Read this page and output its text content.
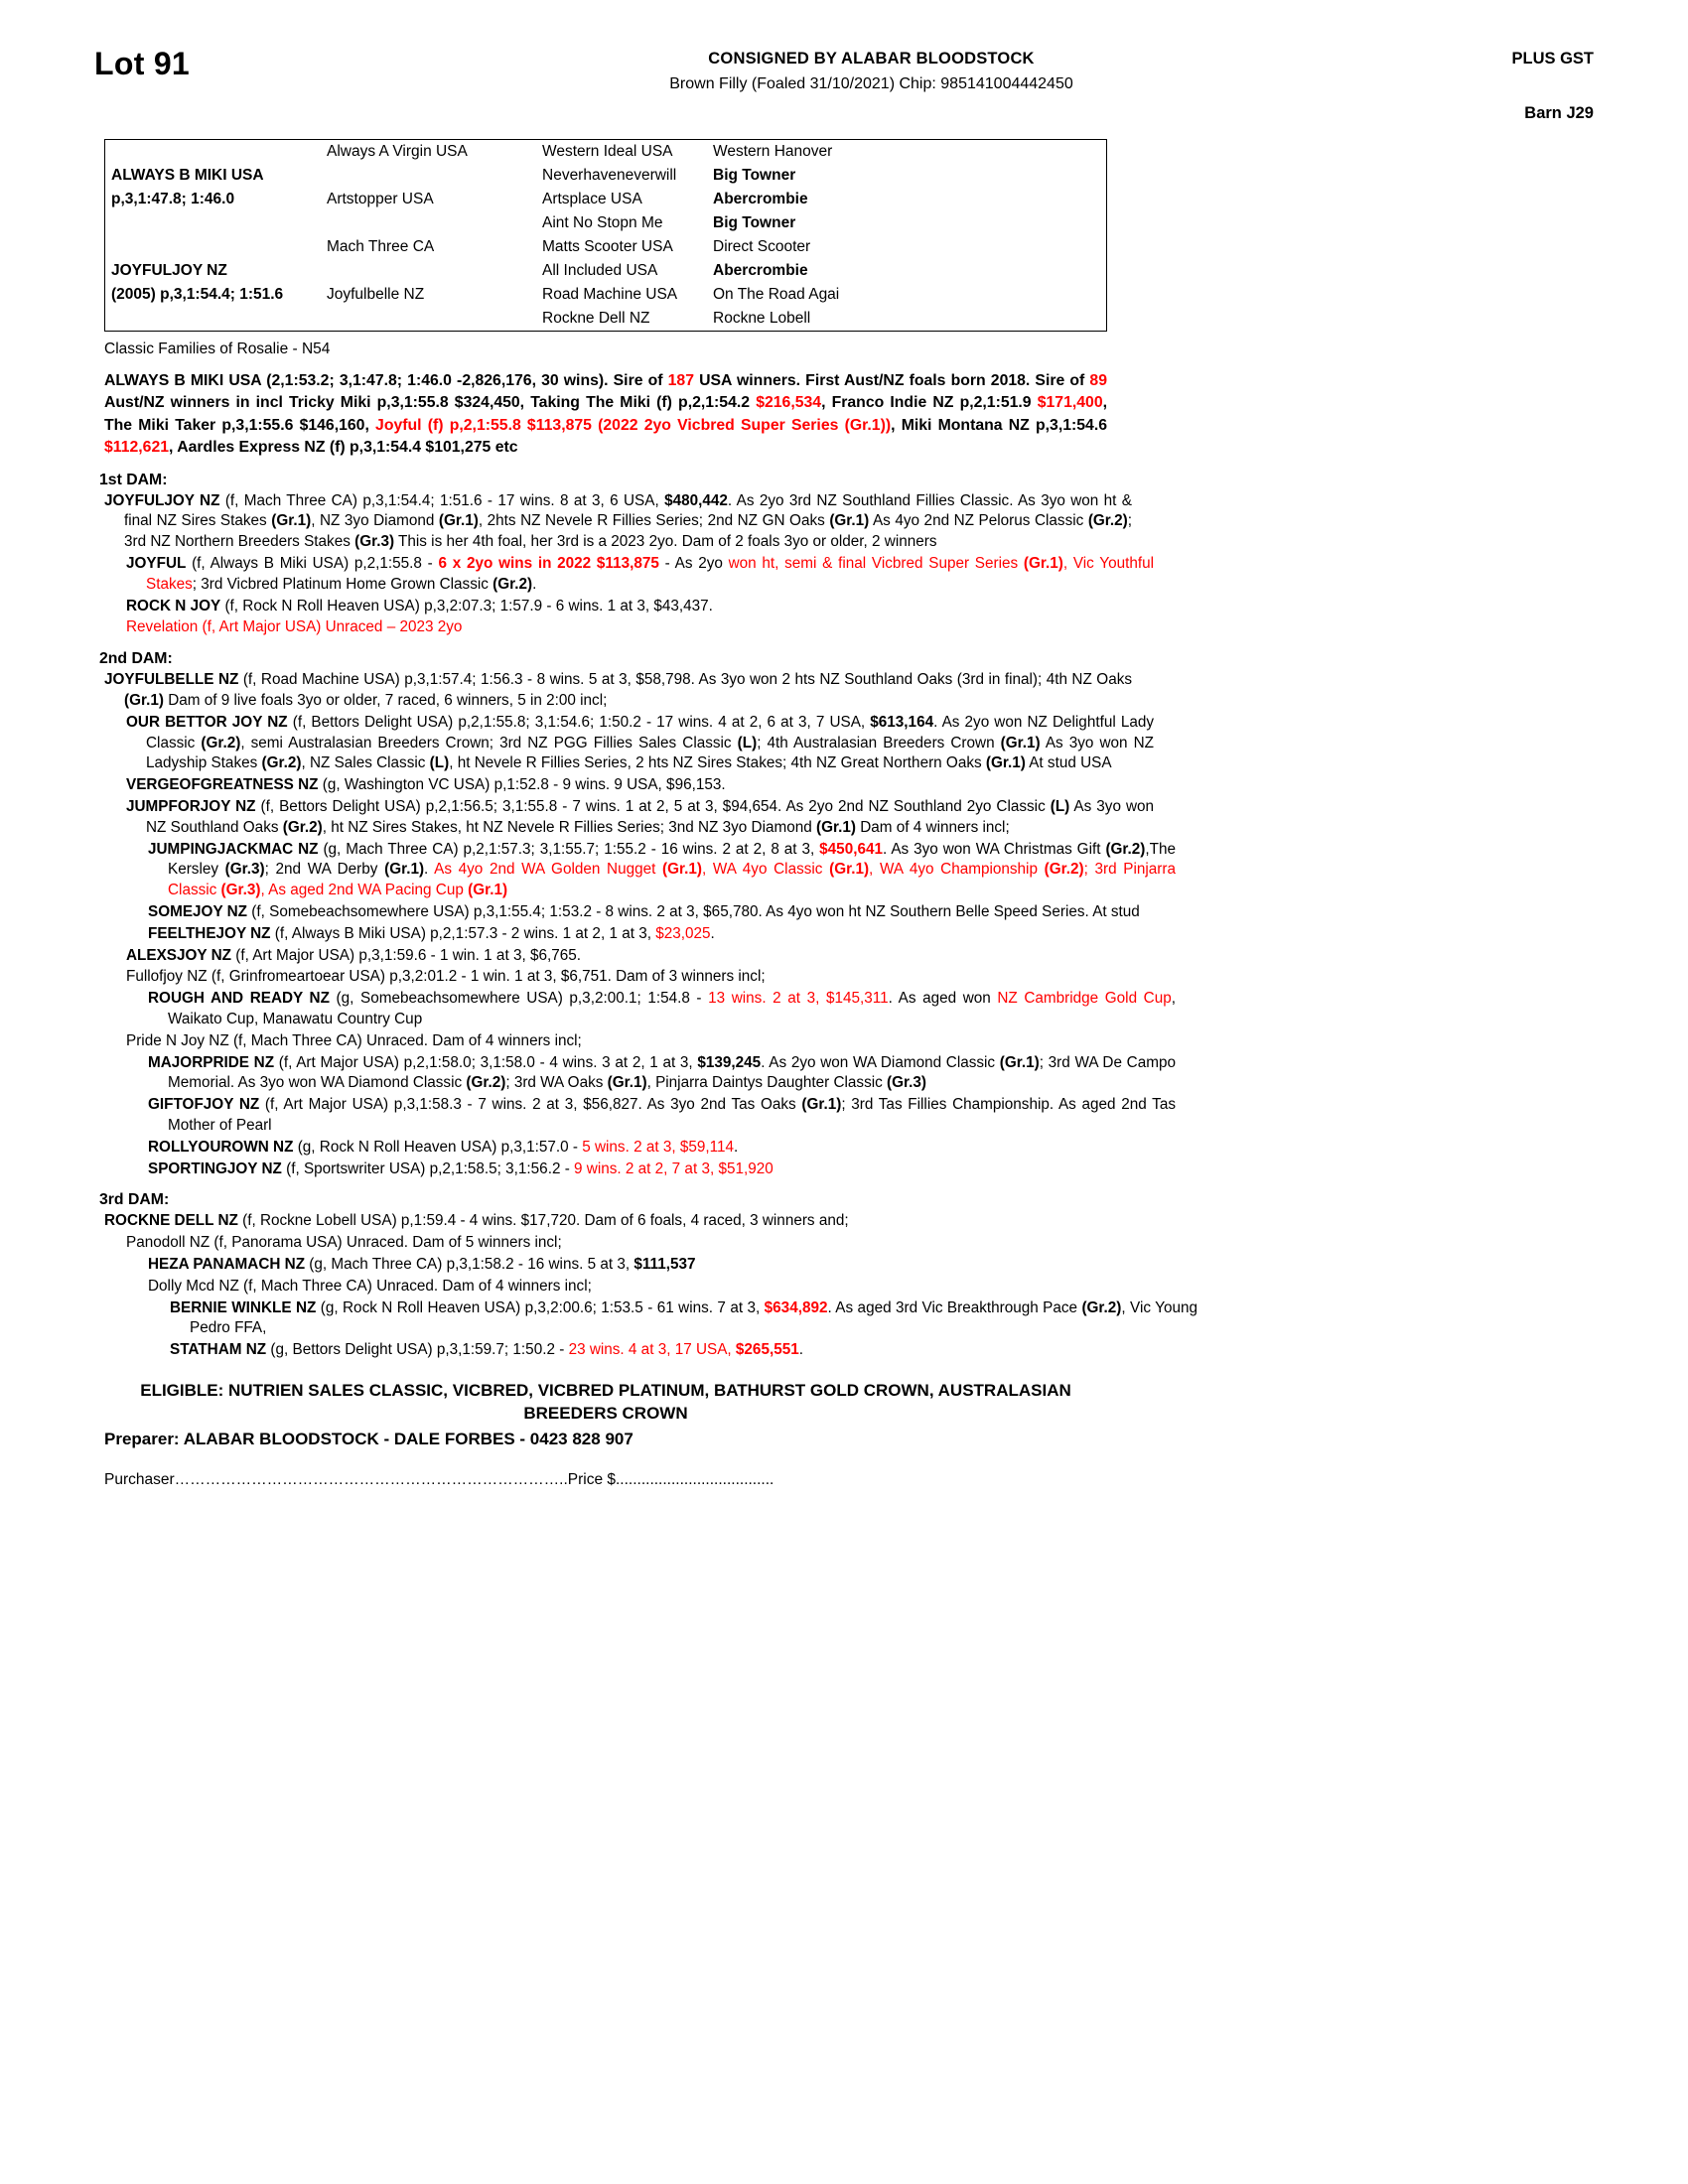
Lot 91	CONSIGNED BY ALABAR BLOODSTOCK
Brown Filly (Foaled 31/10/2021) Chip: 985141004442450
PLUS GST
Barn J29
	Always A Virgin USA	Western Ideal USA	Western Hanover
ALWAYS B MIKI USA		Neverhaveneverwill	Big Towner
p,3,1:47.8; 1:46.0	Artstopper USA	Artsplace USA	Abercrombie
		Aint No Stopn Me	Big Towner
	Mach Three CA	Matts Scooter USA	Direct Scooter
JOYFULJOY NZ		All Included USA	Abercrombie
(2005) p,3,1:54.4; 1:51.6	Joyfulbelle NZ	Road Machine USA	On The Road Agai
		Rockne Dell NZ	Rockne Lobell
Classic Families of Rosalie - N54
ALWAYS B MIKI USA (2,1:53.2; 3,1:47.8; 1:46.0 -2,826,176, 30 wins). Sire of 187 USA winners. First Aust/NZ foals born 2018. Sire of 89 Aust/NZ winners in incl Tricky Miki p,3,1:55.8 $324,450, Taking The Miki (f) p,2,1:54.2 $216,534, Franco Indie NZ p,2,1:51.9 $171,400, The Miki Taker p,3,1:55.6 $146,160, Joyful (f) p,2,1:55.8 $113,875 (2022 2yo Vicbred Super Series (Gr.1)), Miki Montana NZ p,3,1:54.6 $112,621, Aardles Express NZ (f) p,3,1:54.4 $101,275 etc
1st DAM:
JOYFULJOY NZ (f, Mach Three CA) p,3,1:54.4; 1:51.6 - 17 wins. 8 at 3, 6 USA, $480,442. As 2yo 3rd NZ Southland Fillies Classic. As 3yo won ht & final NZ Sires Stakes (Gr.1), NZ 3yo Diamond (Gr.1), 2hts NZ Nevele R Fillies Series; 2nd NZ GN Oaks (Gr.1) As 4yo 2nd NZ Pelorus Classic (Gr.2); 3rd NZ Northern Breeders Stakes (Gr.3) This is her 4th foal, her 3rd is a 2023 2yo. Dam of 2 foals 3yo or older, 2 winners
JOYFUL (f, Always B Miki USA) p,2,1:55.8 - 6 x 2yo wins in 2022 $113,875 - As 2yo won ht, semi & final Vicbred Super Series (Gr.1), Vic Youthful Stakes; 3rd Vicbred Platinum Home Grown Classic (Gr.2).
ROCK N JOY (f, Rock N Roll Heaven USA) p,3,2:07.3; 1:57.9 - 6 wins. 1 at 3, $43,437.
Revelation (f, Art Major USA) Unraced – 2023 2yo
2nd DAM:
JOYFULBELLE NZ (f, Road Machine USA) p,3,1:57.4; 1:56.3 - 8 wins. 5 at 3, $58,798. As 3yo won 2 hts NZ Southland Oaks (3rd in final); 4th NZ Oaks (Gr.1) Dam of 9 live foals 3yo or older, 7 raced, 6 winners, 5 in 2:00 incl;
OUR BETTOR JOY NZ (f, Bettors Delight USA) p,2,1:55.8; 3,1:54.6; 1:50.2 - 17 wins. 4 at 2, 6 at 3, 7 USA, $613,164. As 2yo won NZ Delightful Lady Classic (Gr.2), semi Australasian Breeders Crown; 3rd NZ PGG Fillies Sales Classic (L); 4th Australasian Breeders Crown (Gr.1) As 3yo won NZ Ladyship Stakes (Gr.2), NZ Sales Classic (L), ht Nevele R Fillies Series, 2 hts NZ Sires Stakes; 4th NZ Great Northern Oaks (Gr.1) At stud USA
VERGEOFGREATNESS NZ (g, Washington VC USA) p,1:52.8 - 9 wins. 9 USA, $96,153.
JUMPFORJOY NZ (f, Bettors Delight USA) p,2,1:56.5; 3,1:55.8 - 7 wins. 1 at 2, 5 at 3, $94,654. As 2yo 2nd NZ Southland 2yo Classic (L) As 3yo won NZ Southland Oaks (Gr.2), ht NZ Sires Stakes, ht NZ Nevele R Fillies Series; 3nd NZ 3yo Diamond (Gr.1) Dam of 4 winners incl;
JUMPINGJACKMAC NZ (g, Mach Three CA) p,2,1:57.3; 3,1:55.7; 1:55.2 - 16 wins. 2 at 2, 8 at 3, $450,641. As 3yo won WA Christmas Gift (Gr.2),The Kersley (Gr.3); 2nd WA Derby (Gr.1). As 4yo 2nd WA Golden Nugget (Gr.1), WA 4yo Classic (Gr.1), WA 4yo Championship (Gr.2); 3rd Pinjarra Classic (Gr.3), As aged 2nd WA Pacing Cup (Gr.1)
SOMEJOY NZ (f, Somebeachsomewhere USA) p,3,1:55.4; 1:53.2 - 8 wins. 2 at 3, $65,780. As 4yo won ht NZ Southern Belle Speed Series. At stud
FEELTHEJOY NZ (f, Always B Miki USA) p,2,1:57.3 - 2 wins. 1 at 2, 1 at 3, $23,025.
ALEXSJOY NZ (f, Art Major USA) p,3,1:59.6 - 1 win. 1 at 3, $6,765.
Fullofjoy NZ (f, Grinfromeartoear USA) p,3,2:01.2 - 1 win. 1 at 3, $6,751. Dam of 3 winners incl;
ROUGH AND READY NZ (g, Somebeachsomewhere USA) p,3,2:00.1; 1:54.8 - 13 wins. 2 at 3, $145,311. As aged won NZ Cambridge Gold Cup, Waikato Cup, Manawatu Country Cup
Pride N Joy NZ (f, Mach Three CA) Unraced. Dam of 4 winners incl;
MAJORPRIDE NZ (f, Art Major USA) p,2,1:58.0; 3,1:58.0 - 4 wins. 3 at 2, 1 at 3, $139,245. As 2yo won WA Diamond Classic (Gr.1); 3rd WA De Campo Memorial. As 3yo won WA Diamond Classic (Gr.2); 3rd WA Oaks (Gr.1), Pinjarra Daintys Daughter Classic (Gr.3)
GIFTOFJOY NZ (f, Art Major USA) p,3,1:58.3 - 7 wins. 2 at 3, $56,827. As 3yo 2nd Tas Oaks (Gr.1); 3rd Tas Fillies Championship. As aged 2nd Tas Mother of Pearl
ROLLYOUROWN NZ (g, Rock N Roll Heaven USA) p,3,1:57.0 - 5 wins. 2 at 3, $59,114.
SPORTINGJOY NZ (f, Sportswriter USA) p,2,1:58.5; 3,1:56.2 - 9 wins. 2 at 2, 7 at 3, $51,920
3rd DAM:
ROCKNE DELL NZ (f, Rockne Lobell USA) p,1:59.4 - 4 wins. $17,720. Dam of 6 foals, 4 raced, 3 winners and;
Panodoll NZ (f, Panorama USA) Unraced. Dam of 5 winners incl;
HEZA PANAMACH NZ (g, Mach Three CA) p,3,1:58.2 - 16 wins. 5 at 3, $111,537
Dolly Mcd NZ (f, Mach Three CA) Unraced. Dam of 4 winners incl;
BERNIE WINKLE NZ (g, Rock N Roll Heaven USA) p,3,2:00.6; 1:53.5 - 61 wins. 7 at 3, $634,892. As aged 3rd Vic Breakthrough Pace (Gr.2), Vic Young Pedro FFA,
STATHAM NZ (g, Bettors Delight USA) p,3,1:59.7; 1:50.2 - 23 wins. 4 at 3, 17 USA, $265,551.
ELIGIBLE: NUTRIEN SALES CLASSIC, VICBRED, VICBRED PLATINUM, BATHURST GOLD CROWN, AUSTRALASIAN BREEDERS CROWN
Preparer: ALABAR BLOODSTOCK - DALE FORBES - 0423 828 907
Purchaser…………………………………………………………………..Price $.....................................
